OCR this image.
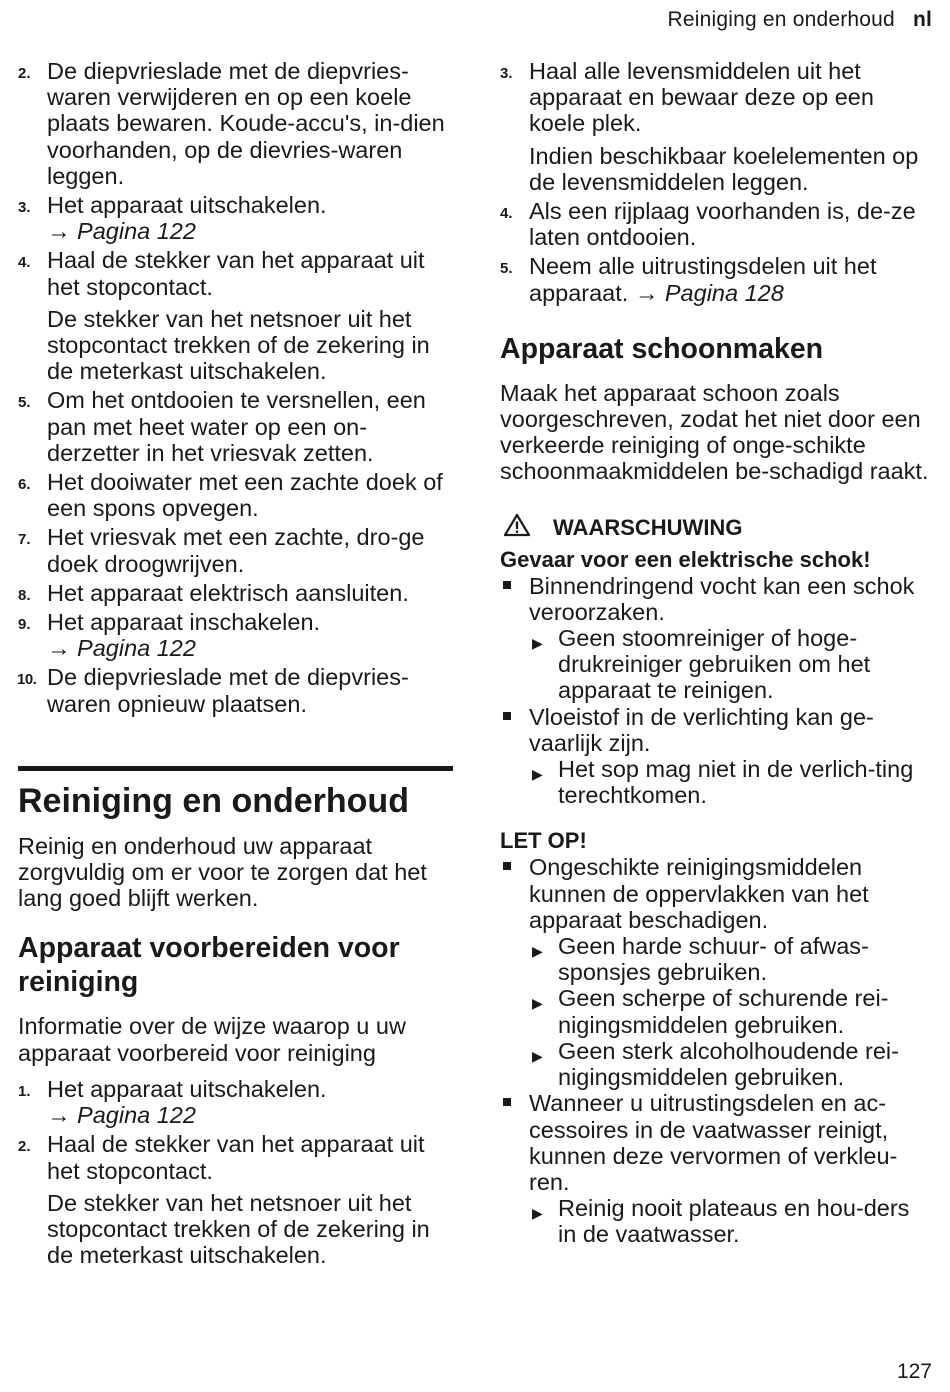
Reiniging en onderhoud nl
2. De diepvrieslade met de diepvries-waren verwijderen en op een koele plaats bewaren. Koude-accu's, in-dien voorhanden, op de dievries-waren leggen.
3. Het apparaat uitschakelen.
→ Pagina 122
4. Haal de stekker van het apparaat uit het stopcontact.
De stekker van het netsnoer uit het stopcontact trekken of de zekering in de meterkast uitschakelen.
5. Om het ontdooien te versnellen, een pan met heet water op een on-derzetter in het vriesvak zetten.
6. Het dooiwater met een zachte doek of een spons opvegen.
7. Het vriesvak met een zachte, dro-ge doek droogwrijven.
8. Het apparaat elektrisch aansluiten.
9. Het apparaat inschakelen.
→ Pagina 122
10. De diepvrieslade met de diepvries-waren opnieuw plaatsen.
Reiniging en onderhoud
Reinig en onderhoud uw apparaat zorgvuldig om er voor te zorgen dat het lang goed blijft werken.
Apparaat voorbereiden voor reiniging
Informatie over de wijze waarop u uw apparaat voorbereid voor reiniging
1. Het apparaat uitschakelen.
→ Pagina 122
2. Haal de stekker van het apparaat uit het stopcontact.
De stekker van het netsnoer uit het stopcontact trekken of de zekering in de meterkast uitschakelen.
3. Haal alle levensmiddelen uit het apparaat en bewaar deze op een koele plek.
Indien beschikbaar koelelementen op de levensmiddelen leggen.
4. Als een rijplaag voorhanden is, de-ze laten ontdooien.
5. Neem alle uitrustingsdelen uit het apparaat. → Pagina 128
Apparaat schoonmaken
Maak het apparaat schoon zoals voorgeschreven, zodat het niet door een verkeerde reiniging of onge-schikte schoonmaakmiddelen be-schadigd raakt.
WAARSCHUWING
Gevaar voor een elektrische schok!
Binnendringend vocht kan een schok veroorzaken.
▶ Geen stoomreiniger of hoge-drukreiniger gebruiken om het apparaat te reinigen.
Vloeistof in de verlichting kan ge-vaarlijk zijn.
▶ Het sop mag niet in de verlich-ting terechtkomen.
LET OP!
Ongeschikte reinigingsmiddelen kunnen de oppervlakken van het apparaat beschadigen.
▶ Geen harde schuur- of afwas-sponsjes gebruiken.
▶ Geen scherpe of schurende rei-nigingsmiddelen gebruiken.
▶ Geen sterk alcoholhoudende rei-nigingsmiddelen gebruiken.
Wanneer u uitrustingsdelen en ac-cessoires in de vaatwasser reinigt, kunnen deze vervormen of verkleu-ren.
▶ Reinig nooit plateaus en hou-ders in de vaatwasser.
127
